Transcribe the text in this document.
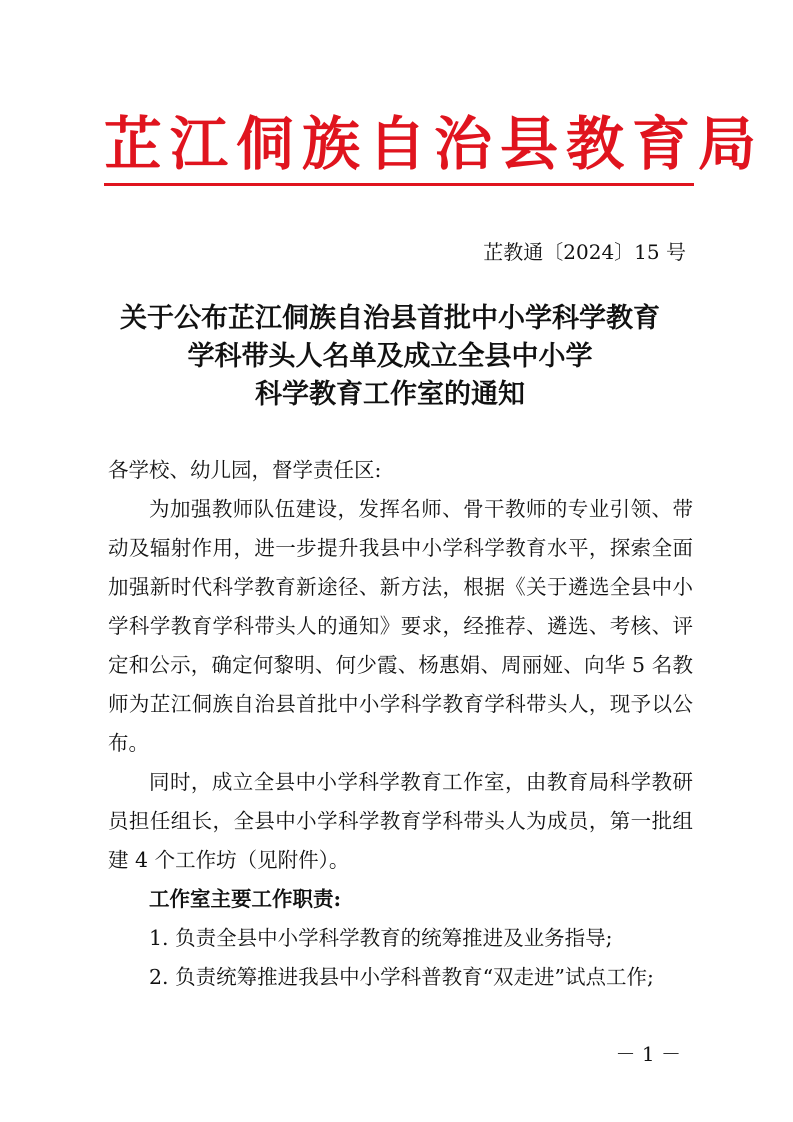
芷江侗族自治县教育局
芷教通〔2024〕15 号
关于公布芷江侗族自治县首批中小学科学教育
学科带头人名单及成立全县中小学
科学教育工作室的通知

各学校、幼儿园，督学责任区:

为加强教师队伍建设，发挥名师、骨干教师的专业引领、带动及辐射作用，进一步提升我县中小学科学教育水平，探索全面加强新时代科学教育新途径、新方法，根据《关于遴选全县中小学科学教育学科带头人的通知》要求，经推荐、遴选、考核、评定和公示，确定何黎明、何少霞、杨惠娟、周丽娅、向华 5 名教师为芷江侗族自治县首批中小学科学教育学科带头人，现予以公布。

同时，成立全县中小学科学教育工作室，由教育局科学教研员担任组长，全县中小学科学教育学科带头人为成员，第一批组建 4 个工作坊（见附件）。

工作室主要工作职责:

1. 负责全县中小学科学教育的统筹推进及业务指导;

2. 负责统筹推进我县中小学科普教育“双走进”试点工作;

－ 1 －
